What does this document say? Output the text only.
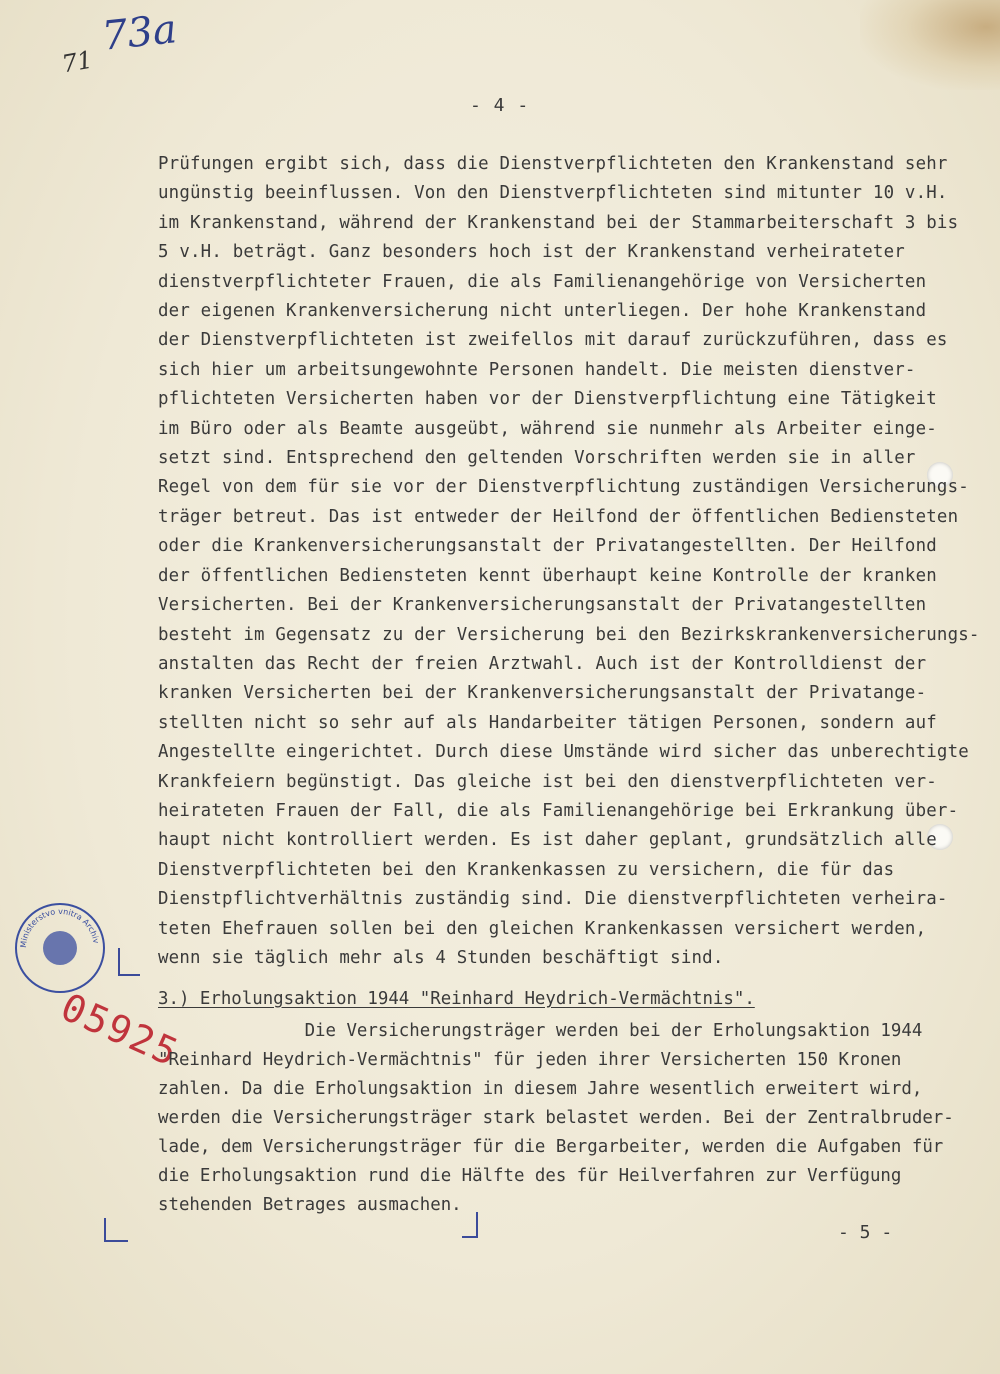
73a
71
- 4 -
Prüfungen ergibt sich, dass die Dienstverpflichteten den Krankenstand sehr
ungünstig beeinflussen. Von den Dienstverpflichteten sind mitunter 10 v.H.
im Krankenstand, während der Krankenstand bei der Stammarbeiterschaft 3 bis
5 v.H. beträgt. Ganz besonders hoch ist der Krankenstand verheirateter
dienstverpflichteter Frauen, die als Familienangehörige von Versicherten
der eigenen Krankenversicherung nicht unterliegen. Der hohe Krankenstand
der Dienstverpflichteten ist zweifellos mit darauf zurückzuführen, dass es
sich hier um arbeitsungewohnte Personen handelt. Die meisten dienstver-
pflichteten Versicherten haben vor der Dienstverpflichtung eine Tätigkeit
im Büro oder als Beamte ausgeübt, während sie nunmehr als Arbeiter einge-
setzt sind. Entsprechend den geltenden Vorschriften werden sie in aller
Regel von dem für sie vor der Dienstverpflichtung zuständigen Versicherungs-
träger betreut. Das ist entweder der Heilfond der öffentlichen Bediensteten
oder die Krankenversicherungsanstalt der Privatangestellten. Der Heilfond
der öffentlichen Bediensteten kennt überhaupt keine Kontrolle der kranken
Versicherten. Bei der Krankenversicherungsanstalt der Privatangestellten
besteht im Gegensatz zu der Versicherung bei den Bezirkskrankenversicherungs-
anstalten das Recht der freien Arztwahl. Auch ist der Kontrolldienst der
kranken Versicherten bei der Krankenversicherungsanstalt der Privatange-
stellten nicht so sehr auf als Handarbeiter tätigen Personen, sondern auf
Angestellte eingerichtet. Durch diese Umstände wird sicher das unberechtigte
Krankfeiern begünstigt. Das gleiche ist bei den dienstverpflichteten ver-
heirateten Frauen der Fall, die als Familienangehörige bei Erkrankung über-
haupt nicht kontrolliert werden. Es ist daher geplant, grundsätzlich alle
Dienstverpflichteten bei den Krankenkassen zu versichern, die für das
Dienstpflichtverhältnis zuständig sind. Die dienstverpflichteten verheira-
teten Ehefrauen sollen bei den gleichen Krankenkassen versichert werden,
wenn sie täglich mehr als 4 Stunden beschäftigt sind.
Ministerstvo vnitra Archiv
05925
3.) Erholungsaktion 1944 "Reinhard Heydrich-Vermächtnis".
Die Versicherungsträger werden bei der Erholungsaktion 1944
"Reinhard Heydrich-Vermächtnis" für jeden ihrer Versicherten 150 Kronen
zahlen. Da die Erholungsaktion in diesem Jahre wesentlich erweitert wird,
werden die Versicherungsträger stark belastet werden. Bei der Zentralbruder-
lade, dem Versicherungsträger für die Bergarbeiter, werden die Aufgaben für
die Erholungsaktion rund die Hälfte des für Heilverfahren zur Verfügung
stehenden Betrages ausmachen.
- 5 -
